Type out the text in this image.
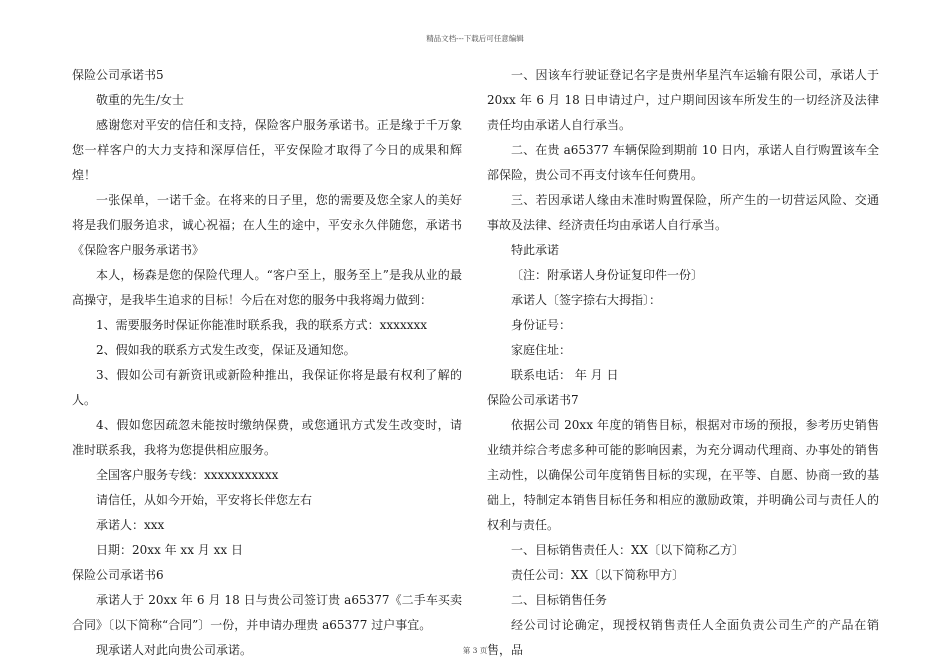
精品文档---下载后可任意编辑

保险公司承诺书5

敬重的先生/女士

感谢您对平安的信任和支持，保险客户服务承诺书。正是缘于千万象您一样客户的大力支持和深厚信任，平安保险才取得了今日的成果和辉煌！

一张保单，一诺千金。在将来的日子里，您的需要及您全家人的美好将是我们服务追求，诚心祝福；在人生的途中，平安永久伴随您，承诺书《保险客户服务承诺书》

本人，杨森是您的保险代理人。“客户至上，服务至上”是我从业的最高操守，是我毕生追求的目标！今后在对您的服务中我将竭力做到：

1、需要服务时保证你能准时联系我，我的联系方式：xxxxxxx

2、假如我的联系方式发生改变，保证及通知您。

3、假如公司有新资讯或新险种推出，我保证你将是最有权利了解的人。

4、假如您因疏忽未能按时缴纳保费，或您通讯方式发生改变时，请准时联系我，我将为您提供相应服务。

全国客户服务专线：xxxxxxxxxxx

请信任，从如今开始，平安将长伴您左右

承诺人：xxx

日期：20xx 年 xx 月 xx 日

保险公司承诺书6

承诺人于 20xx 年 6 月 18 日与贵公司签订贵 a65377《二手车买卖合同》〔以下简称“合同”〕一份，并申请办理贵 a65377 过户事宜。

现承诺人对此向贵公司承诺。

一、因该车行驶证登记名字是贵州华星汽车运输有限公司，承诺人于 20xx 年 6 月 18 日申请过户，过户期间因该车所发生的一切经济及法律责任均由承诺人自行承当。

二、在贵 a65377 车辆保险到期前 10 日内，承诺人自行购置该车全部保险，贵公司不再支付该车任何费用。

三、若因承诺人缘由未准时购置保险，所产生的一切营运风险、交通事故及法律、经济责任均由承诺人自行承当。

特此承诺

〔注：附承诺人身份证复印件一份〕

承诺人〔签字捺右大拇指〕：

身份证号：

家庭住址：

联系电话： 年 月 日

保险公司承诺书7

依据公司 20xx 年度的销售目标，根据对市场的预报，参考历史销售业绩并综合考虑多种可能的影响因素，为充分调动代理商、办事处的销售主动性，以确保公司年度销售目标的实现，在平等、自愿、协商一致的基础上，特制定本销售目标任务和相应的激励政策，并明确公司与责任人的权利与责任。

一、目标销售责任人：XX〔以下简称乙方〕

责任公司：XX〔以下简称甲方〕

二、目标销售任务

经公司讨论确定，现授权销售责任人全面负责公司生产的产品在销售，品

第 3 页
